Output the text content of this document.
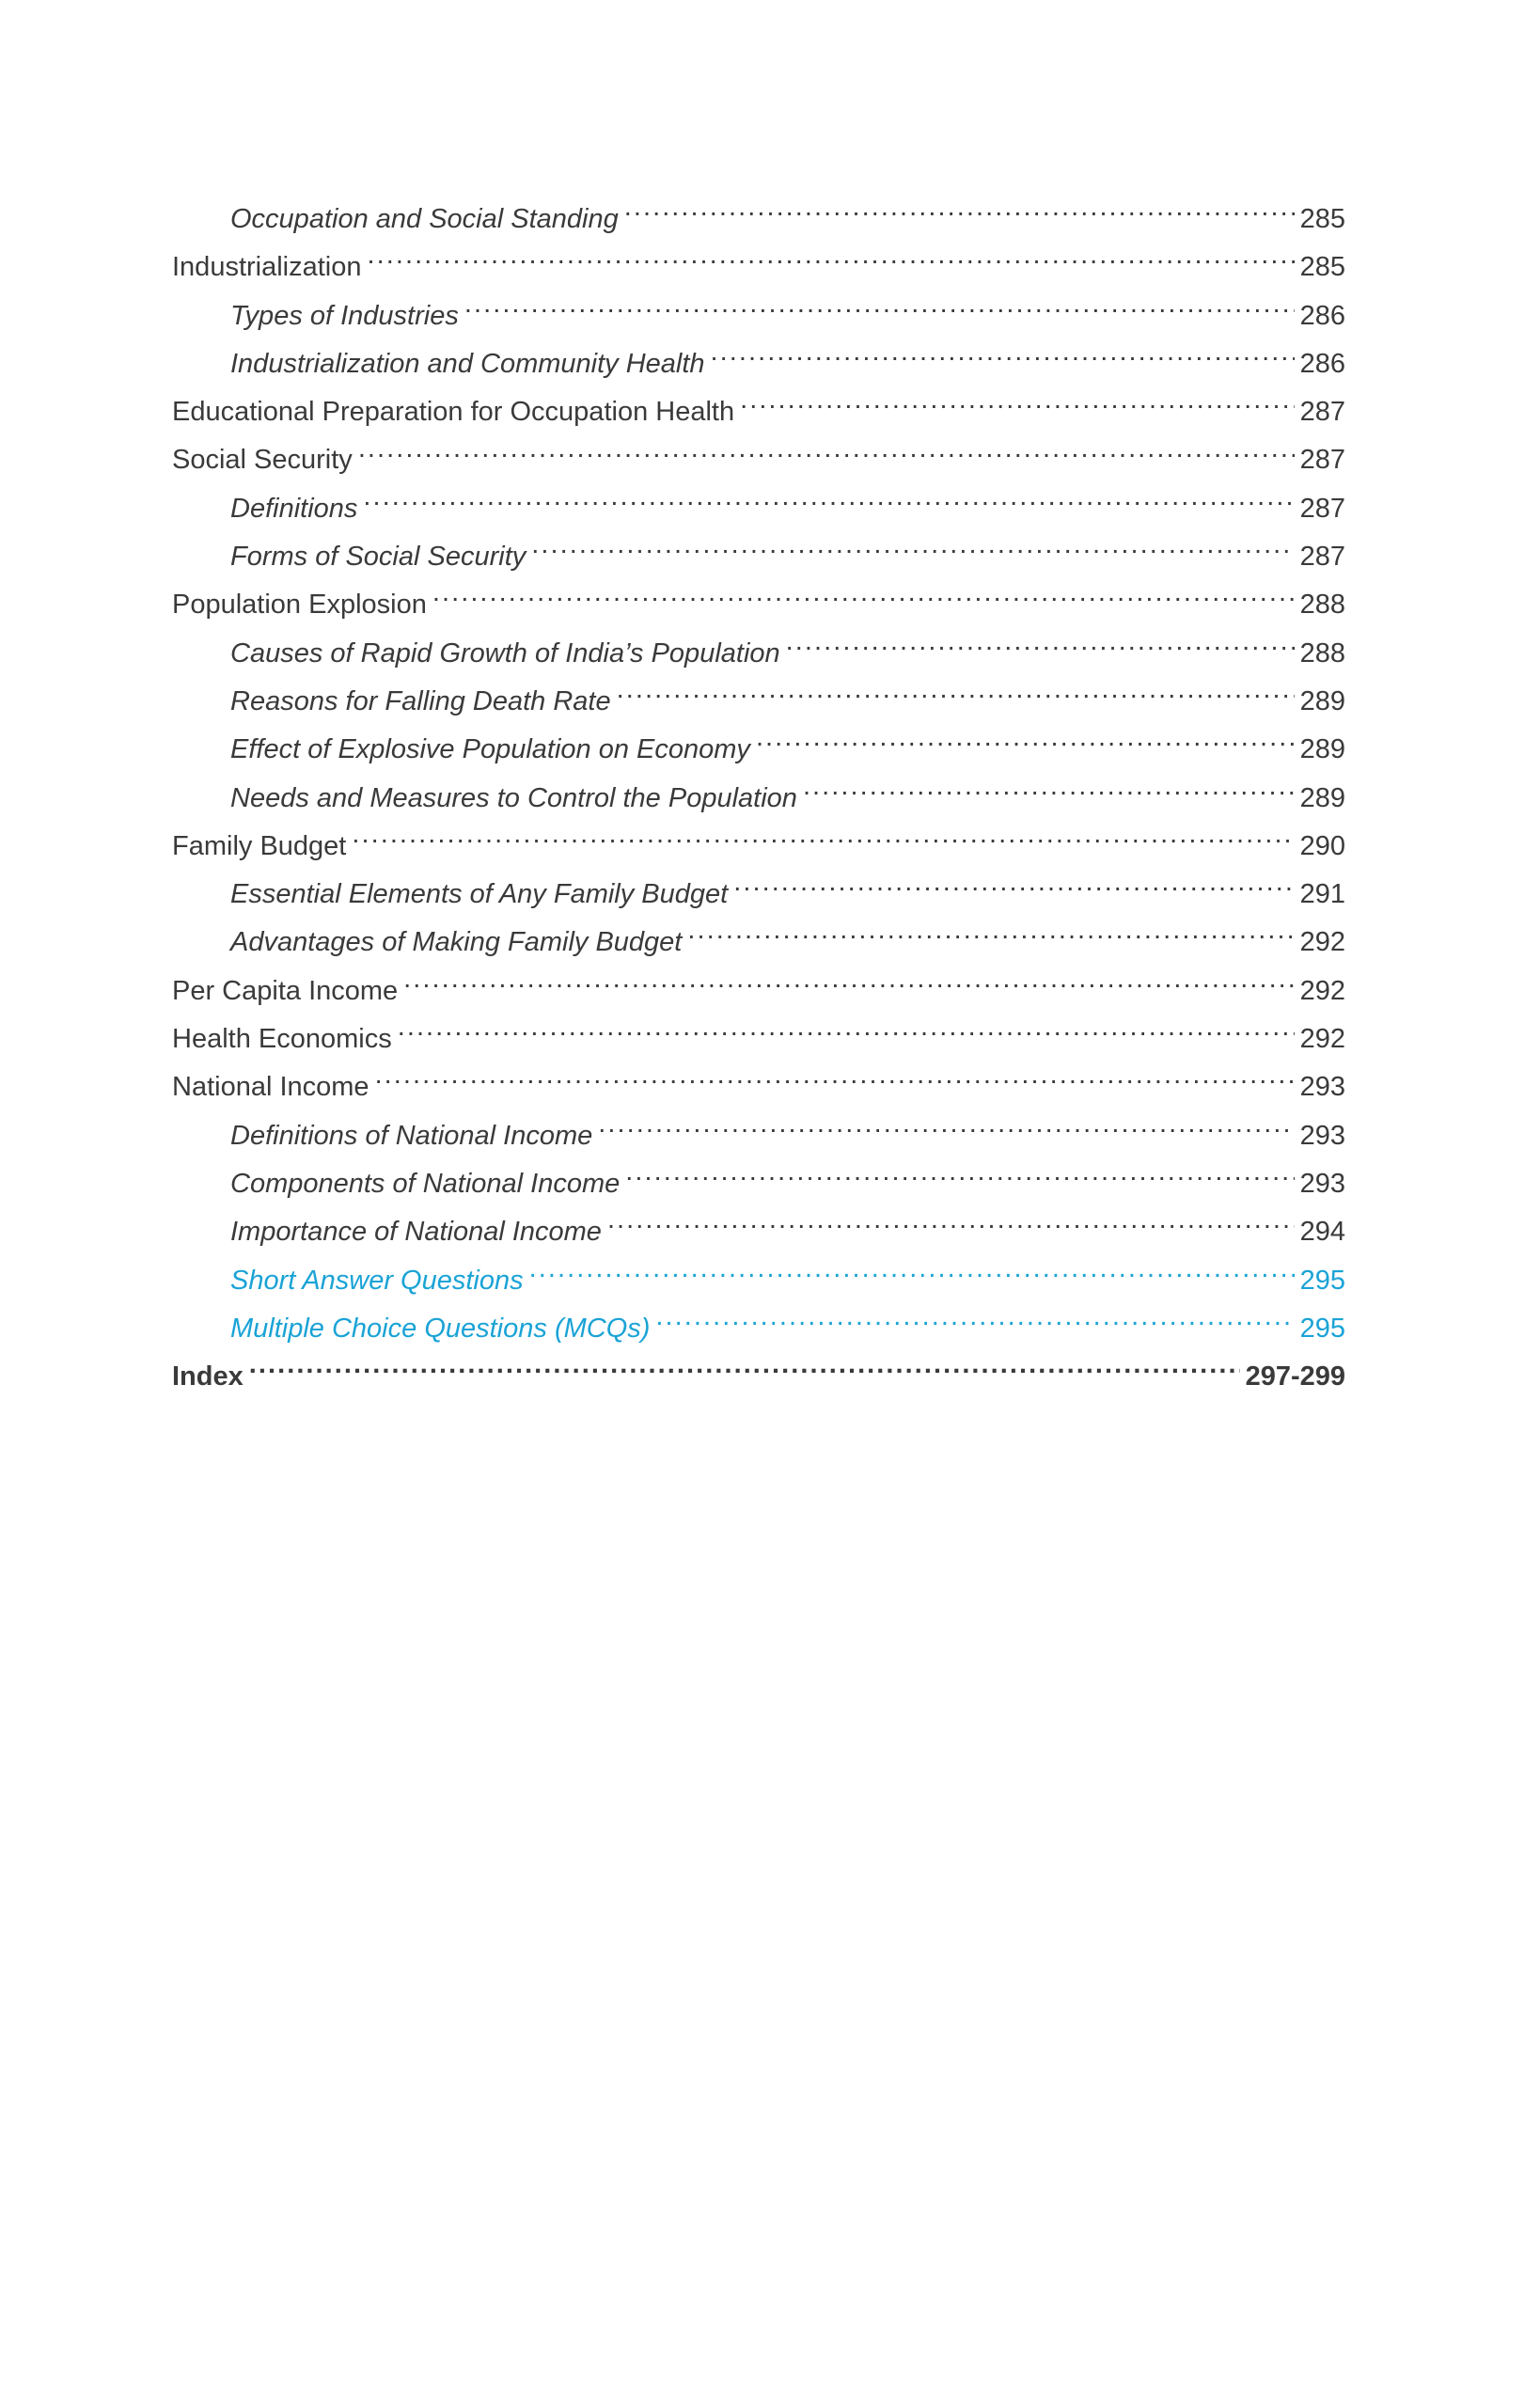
Occupation and Social Standing . . .	285
Industrialization . . .	285
Types of Industries . . .	286
Industrialization and Community Health . . .	286
Educational Preparation for Occupation Health . . .	287
Social Security . . .	287
Definitions . . .	287
Forms of Social Security . . .	287
Population Explosion . . .	288
Causes of Rapid Growth of India’s Population . . .	288
Reasons for Falling Death Rate . . .	289
Effect of Explosive Population on Economy . . .	289
Needs and Measures to Control the Population . . .	289
Family Budget . . .	290
Essential Elements of Any Family Budget . . .	291
Advantages of Making Family Budget . . .	292
Per Capita Income . . .	292
Health Economics . . .	292
National Income . . .	293
Definitions of National Income . . .	293
Components of National Income . . .	293
Importance of National Income . . .	294
Short Answer Questions . . .	295
Multiple Choice Questions (MCQs) . . .	295
Index . . .	297-299
